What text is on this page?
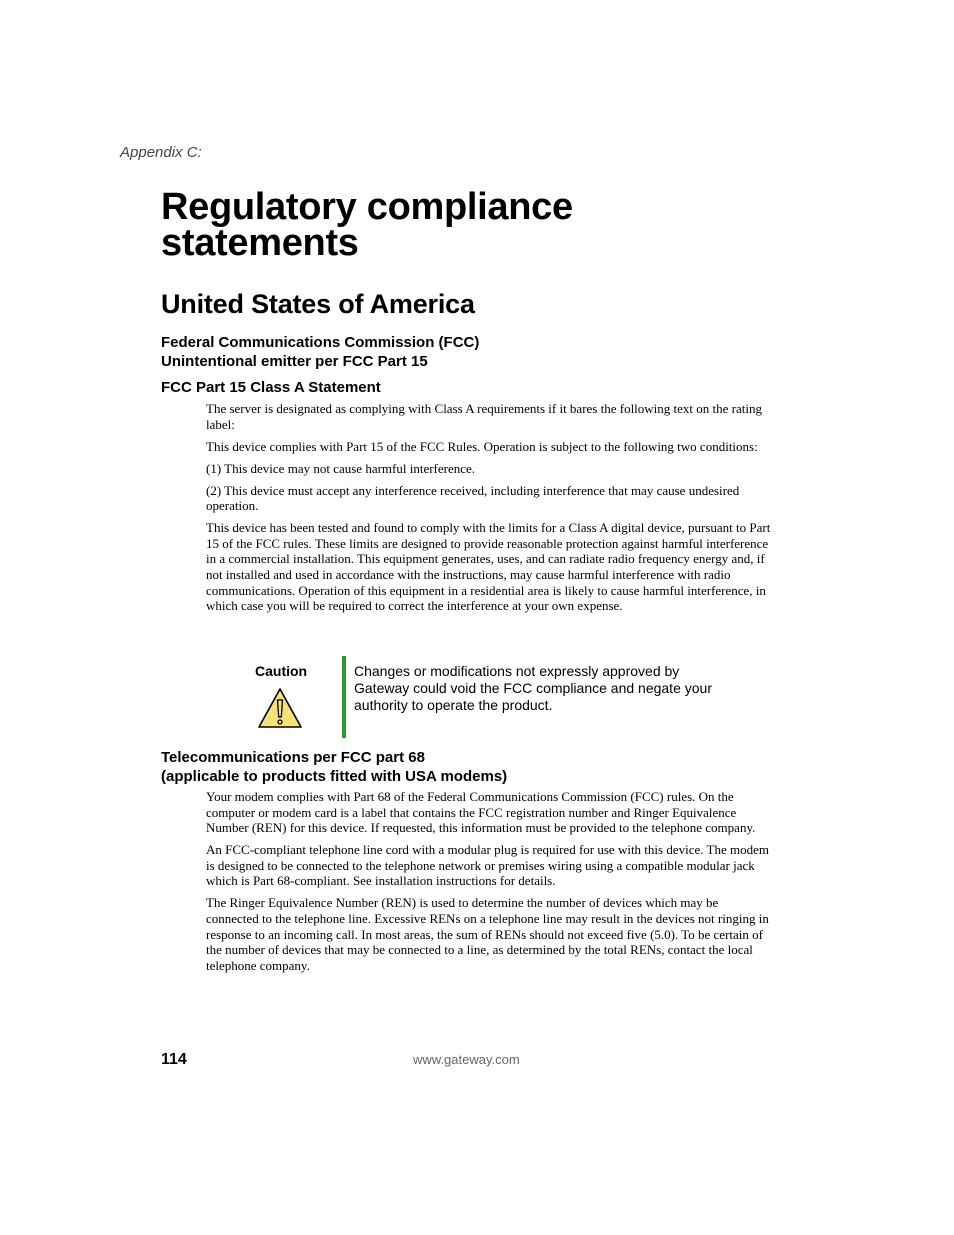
Appendix C:
Regulatory compliance
statements
United States of America
Federal Communications Commission (FCC)
Unintentional emitter per FCC Part 15
FCC Part 15 Class A Statement

The server is designated as complying with Class A requirements if it bares the following text on the rating label:

This device complies with Part 15 of the FCC Rules. Operation is subject to the following two conditions:

(1) This device may not cause harmful interference.

(2) This device must accept any interference received, including interference that may cause undesired operation.

This device has been tested and found to comply with the limits for a Class A digital device, pursuant to Part 15 of the FCC rules. These limits are designed to provide reasonable protection against harmful interference in a commercial installation. This equipment generates, uses, and can radiate radio frequency energy and, if not installed and used in accordance with the instructions, may cause harmful interference with radio communications. Operation of this equipment in a residential area is likely to cause harmful interference, in which case you will be required to correct the interference at your own expense.

Caution	Changes or modifications not expressly approved by Gateway could void the FCC compliance and negate your authority to operate the product.
Telecommunications per FCC part 68
(applicable to products fitted with USA modems)

Your modem complies with Part 68 of the Federal Communications Commission (FCC) rules. On the computer or modem card is a label that contains the FCC registration number and Ringer Equivalence Number (REN) for this device. If requested, this information must be provided to the telephone company.

An FCC-compliant telephone line cord with a modular plug is required for use with this device. The modem is designed to be connected to the telephone network or premises wiring using a compatible modular jack which is Part 68-compliant. See installation instructions for details.

The Ringer Equivalence Number (REN) is used to determine the number of devices which may be connected to the telephone line. Excessive RENs on a telephone line may result in the devices not ringing in response to an incoming call. In most areas, the sum of RENs should not exceed five (5.0). To be certain of the number of devices that may be connected to a line, as determined by the total RENs, contact the local telephone company.

114	www.gateway.com
